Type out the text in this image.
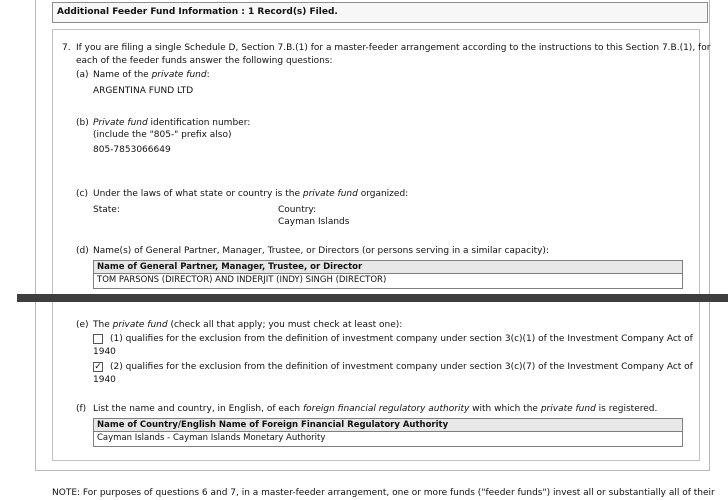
Additional Feeder Fund Information : 1 Record(s) Filed.
7. If you are filing a single Schedule D, Section 7.B.(1) for a master-feeder arrangement according to the instructions to this Section 7.B.(1), for
each of the feeder funds answer the following questions:
(a) Name of the private fund:
ARGENTINA FUND LTD
(b) Private fund identification number:
(include the "805-" prefix also)
805-7853066649
(c) Under the laws of what state or country is the private fund organized:
State:	Country:
Cayman Islands
(d) Name(s) of General Partner, Manager, Trustee, or Directors (or persons serving in a similar capacity):
Name of General Partner, Manager, Trustee, or Director
TOM PARSONS (DIRECTOR) AND INDERJIT (INDY) SINGH (DIRECTOR)
(e) The private fund (check all that apply; you must check at least one):
(1) qualifies for the exclusion from the definition of investment company under section 3(c)(1) of the Investment Company Act of
1940
✓ (2) qualifies for the exclusion from the definition of investment company under section 3(c)(7) of the Investment Company Act of
1940
(f) List the name and country, in English, of each foreign financial regulatory authority with which the private fund is registered.
Name of Country/English Name of Foreign Financial Regulatory Authority
Cayman Islands - Cayman Islands Monetary Authority
NOTE: For purposes of questions 6 and 7, in a master-feeder arrangement, one or more funds ("feeder funds") invest all or substantially all of their
